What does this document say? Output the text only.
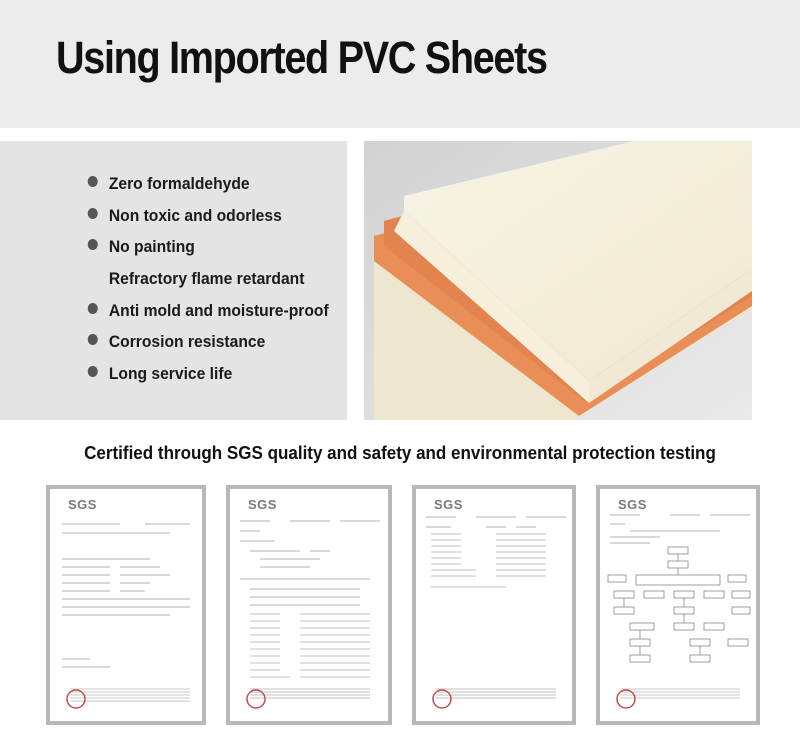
Using Imported PVC Sheets
Zero formaldehyde
Non toxic and odorless
No painting
Refractory flame retardant
Anti mold and moisture-proof
Corrosion resistance
Long service life
Certified through SGS quality and safety and environmental protection testing
SGS	SGS	SGS	SGS
